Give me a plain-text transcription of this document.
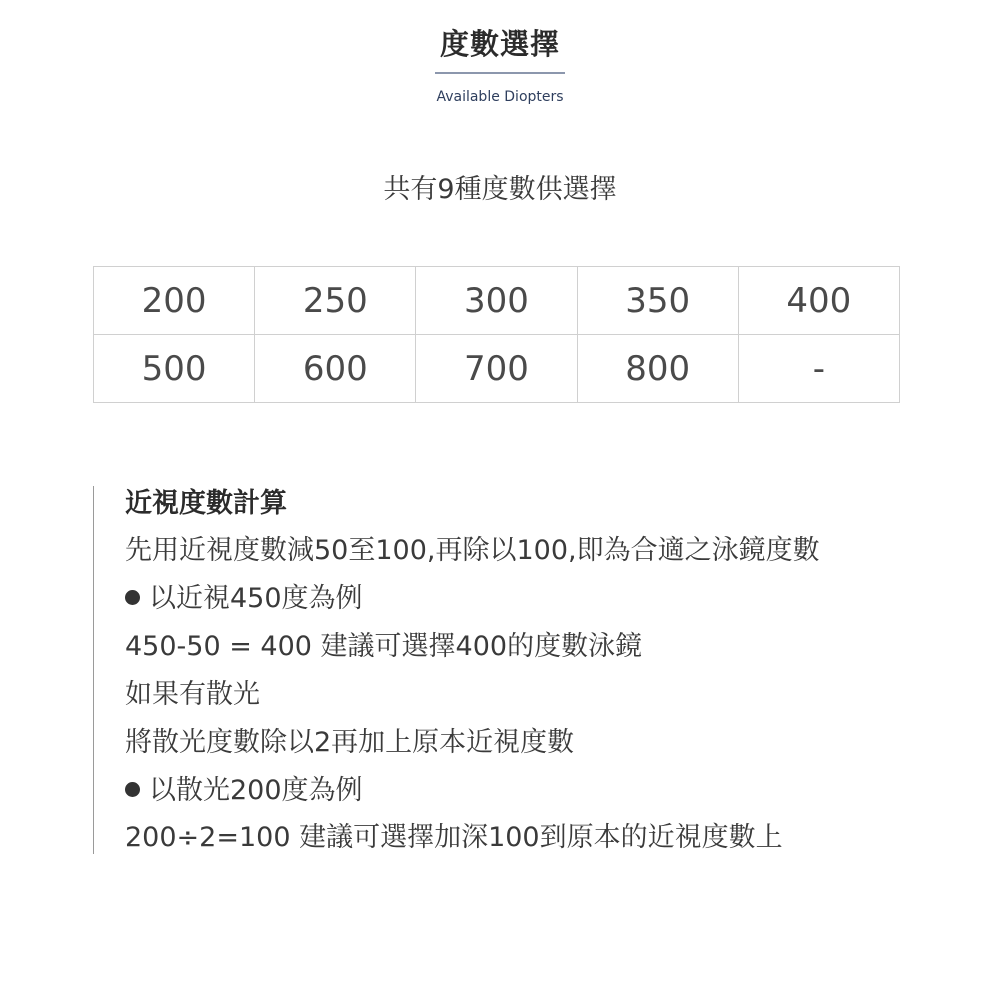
度數選擇
Available Diopters
共有9種度數供選擇
200	250	300	350	400
500	600	700	800	-
近視度數計算
先用近視度數減50至100,再除以100,即為合適之泳鏡度數
以近視450度為例
450-50 = 400 建議可選擇400的度數泳鏡
如果有散光
將散光度數除以2再加上原本近視度數
以散光200度為例
200÷2=100 建議可選擇加深100到原本的近視度數上
